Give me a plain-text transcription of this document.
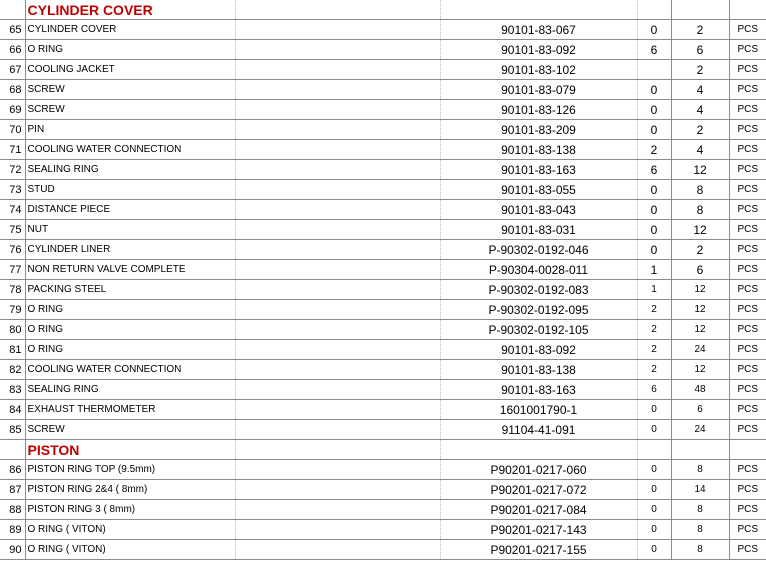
	CYLINDER COVER					
65	CYLINDER COVER		90101-83-067	0	2	PCS
66	O RING		90101-83-092	6	6	PCS
67	COOLING JACKET		90101-83-102		2	PCS
68	SCREW		90101-83-079	0	4	PCS
69	SCREW		90101-83-126	0	4	PCS
70	PIN		90101-83-209	0	2	PCS
71	COOLING WATER CONNECTION		90101-83-138	2	4	PCS
72	SEALING RING		90101-83-163	6	12	PCS
73	STUD		90101-83-055	0	8	PCS
74	DISTANCE PIECE		90101-83-043	0	8	PCS
75	NUT		90101-83-031	0	12	PCS
76	CYLINDER LINER		P-90302-0192-046	0	2	PCS
77	NON RETURN VALVE COMPLETE		P-90304-0028-011	1	6	PCS
78	PACKING STEEL		P-90302-0192-083	1	12	PCS
79	O RING		P-90302-0192-095	2	12	PCS
80	O RING		P-90302-0192-105	2	12	PCS
81	O RING		90101-83-092	2	24	PCS
82	COOLING WATER CONNECTION		90101-83-138	2	12	PCS
83	SEALING RING		90101-83-163	6	48	PCS
84	EXHAUST THERMOMETER		1601001790-1	0	6	PCS
85	SCREW		91104-41-091	0	24	PCS
	PISTON					
86	PISTON RING TOP (9.5mm)		P90201-0217-060	0	8	PCS
87	PISTON RING 2&4 ( 8mm)		P90201-0217-072	0	14	PCS
88	PISTON RING 3 ( 8mm)		P90201-0217-084	0	8	PCS
89	O RING ( VITON)		P90201-0217-143	0	8	PCS
90	O RING ( VITON)		P90201-0217-155	0	8	PCS
